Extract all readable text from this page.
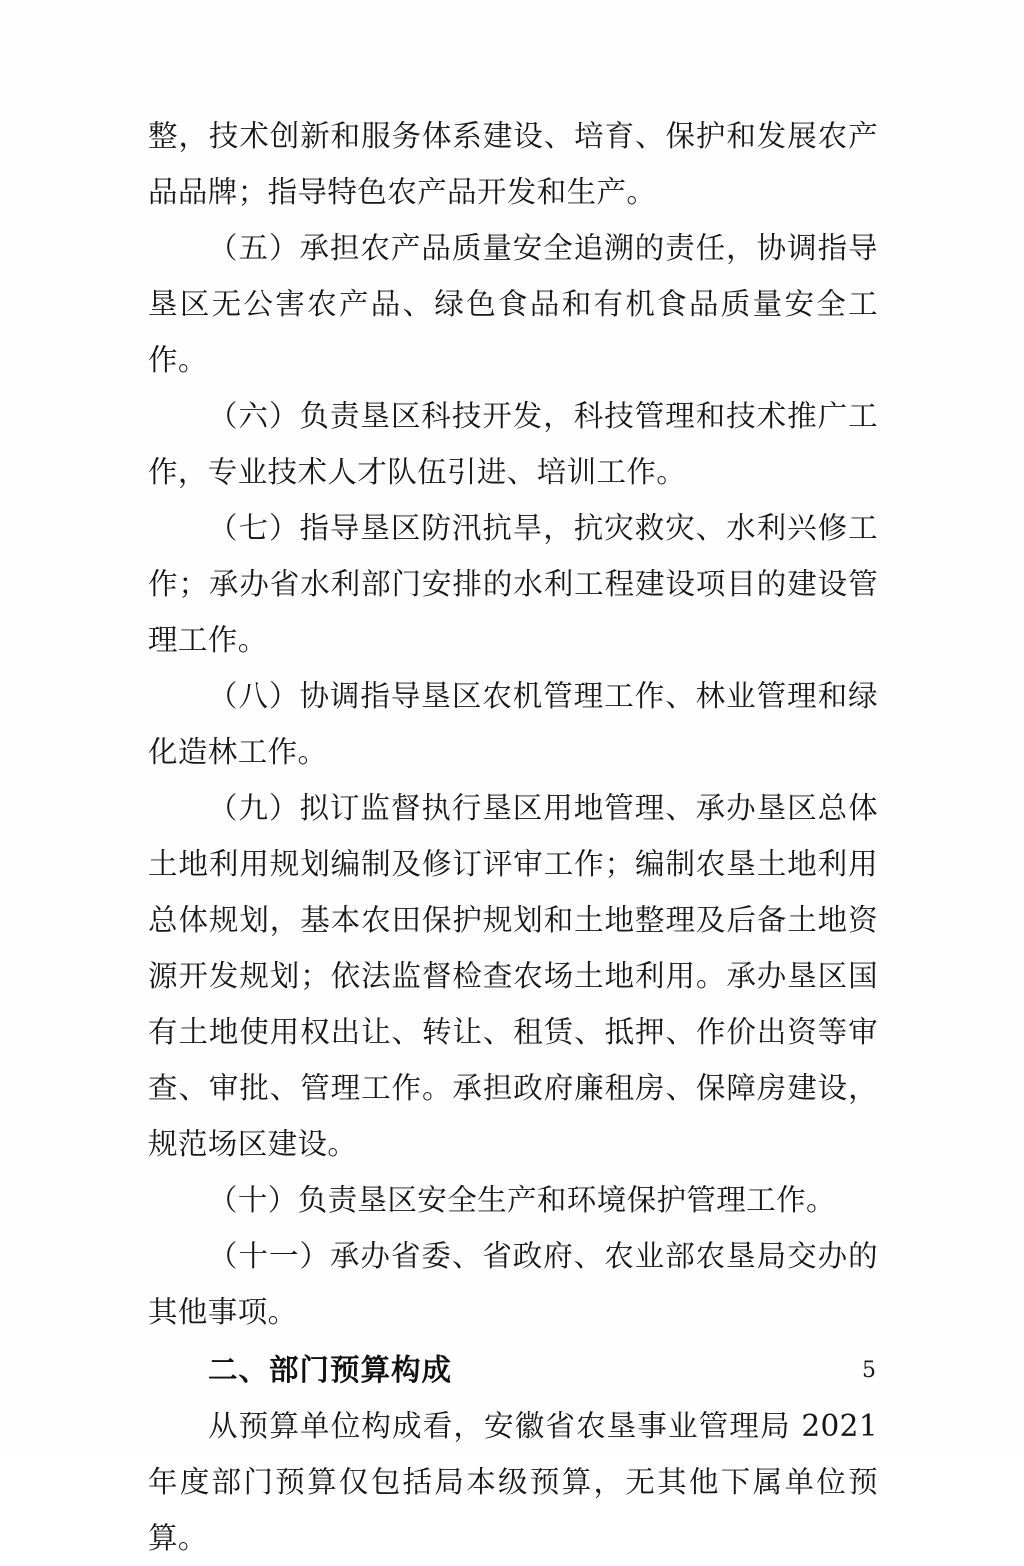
整，技术创新和服务体系建设、培育、保护和发展农产品品牌；指导特色农产品开发和生产。

（五）承担农产品质量安全追溯的责任，协调指导垦区无公害农产品、绿色食品和有机食品质量安全工作。

（六）负责垦区科技开发，科技管理和技术推广工作，专业技术人才队伍引进、培训工作。

（七）指导垦区防汛抗旱，抗灾救灾、水利兴修工作；承办省水利部门安排的水利工程建设项目的建设管理工作。

（八）协调指导垦区农机管理工作、林业管理和绿化造林工作。

（九）拟订监督执行垦区用地管理、承办垦区总体土地利用规划编制及修订评审工作；编制农垦土地利用总体规划，基本农田保护规划和土地整理及后备土地资源开发规划；依法监督检查农场土地利用。承办垦区国有土地使用权出让、转让、租赁、抵押、作价出资等审查、审批、管理工作。承担政府廉租房、保障房建设，规范场区建设。

（十）负责垦区安全生产和环境保护管理工作。

（十一）承办省委、省政府、农业部农垦局交办的其他事项。

二、部门预算构成

从预算单位构成看，安徽省农垦事业管理局 2021 年度部门预算仅包括局本级预算，无其他下属单位预算。

5
